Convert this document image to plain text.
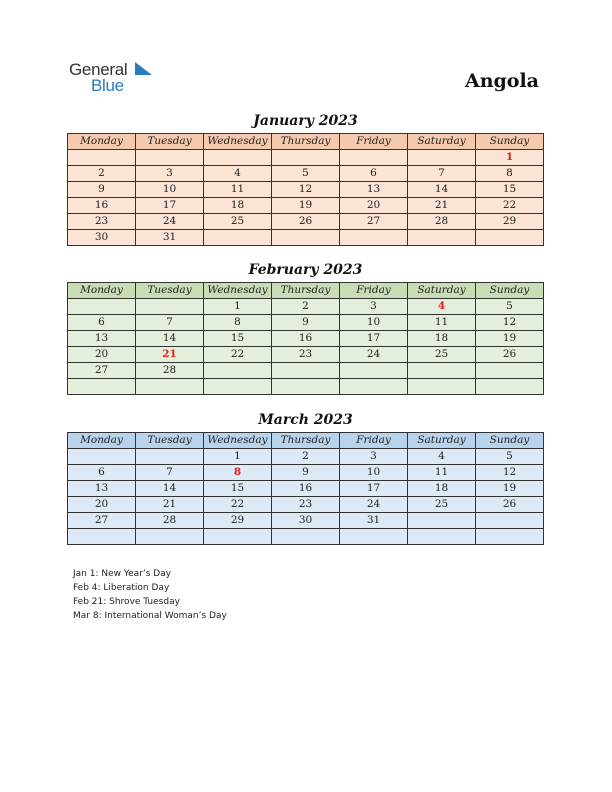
General
Blue	Angola
January 2023
Monday	Tuesday	Wednesday	Thursday	Friday	Saturday	Sunday
						1
2	3	4	5	6	7	8
9	10	11	12	13	14	15
16	17	18	19	20	21	22
23	24	25	26	27	28	29
30	31					
February 2023
Monday	Tuesday	Wednesday	Thursday	Friday	Saturday	Sunday
		1	2	3	4	5
6	7	8	9	10	11	12
13	14	15	16	17	18	19
20	21	22	23	24	25	26
27	28					

March 2023
Monday	Tuesday	Wednesday	Thursday	Friday	Saturday	Sunday
		1	2	3	4	5
6	7	8	9	10	11	12
13	14	15	16	17	18	19
20	21	22	23	24	25	26
27	28	29	30	31		

Jan 1: New Year’s Day
Feb 4: Liberation Day
Feb 21: Shrove Tuesday
Mar 8: International Woman’s Day
